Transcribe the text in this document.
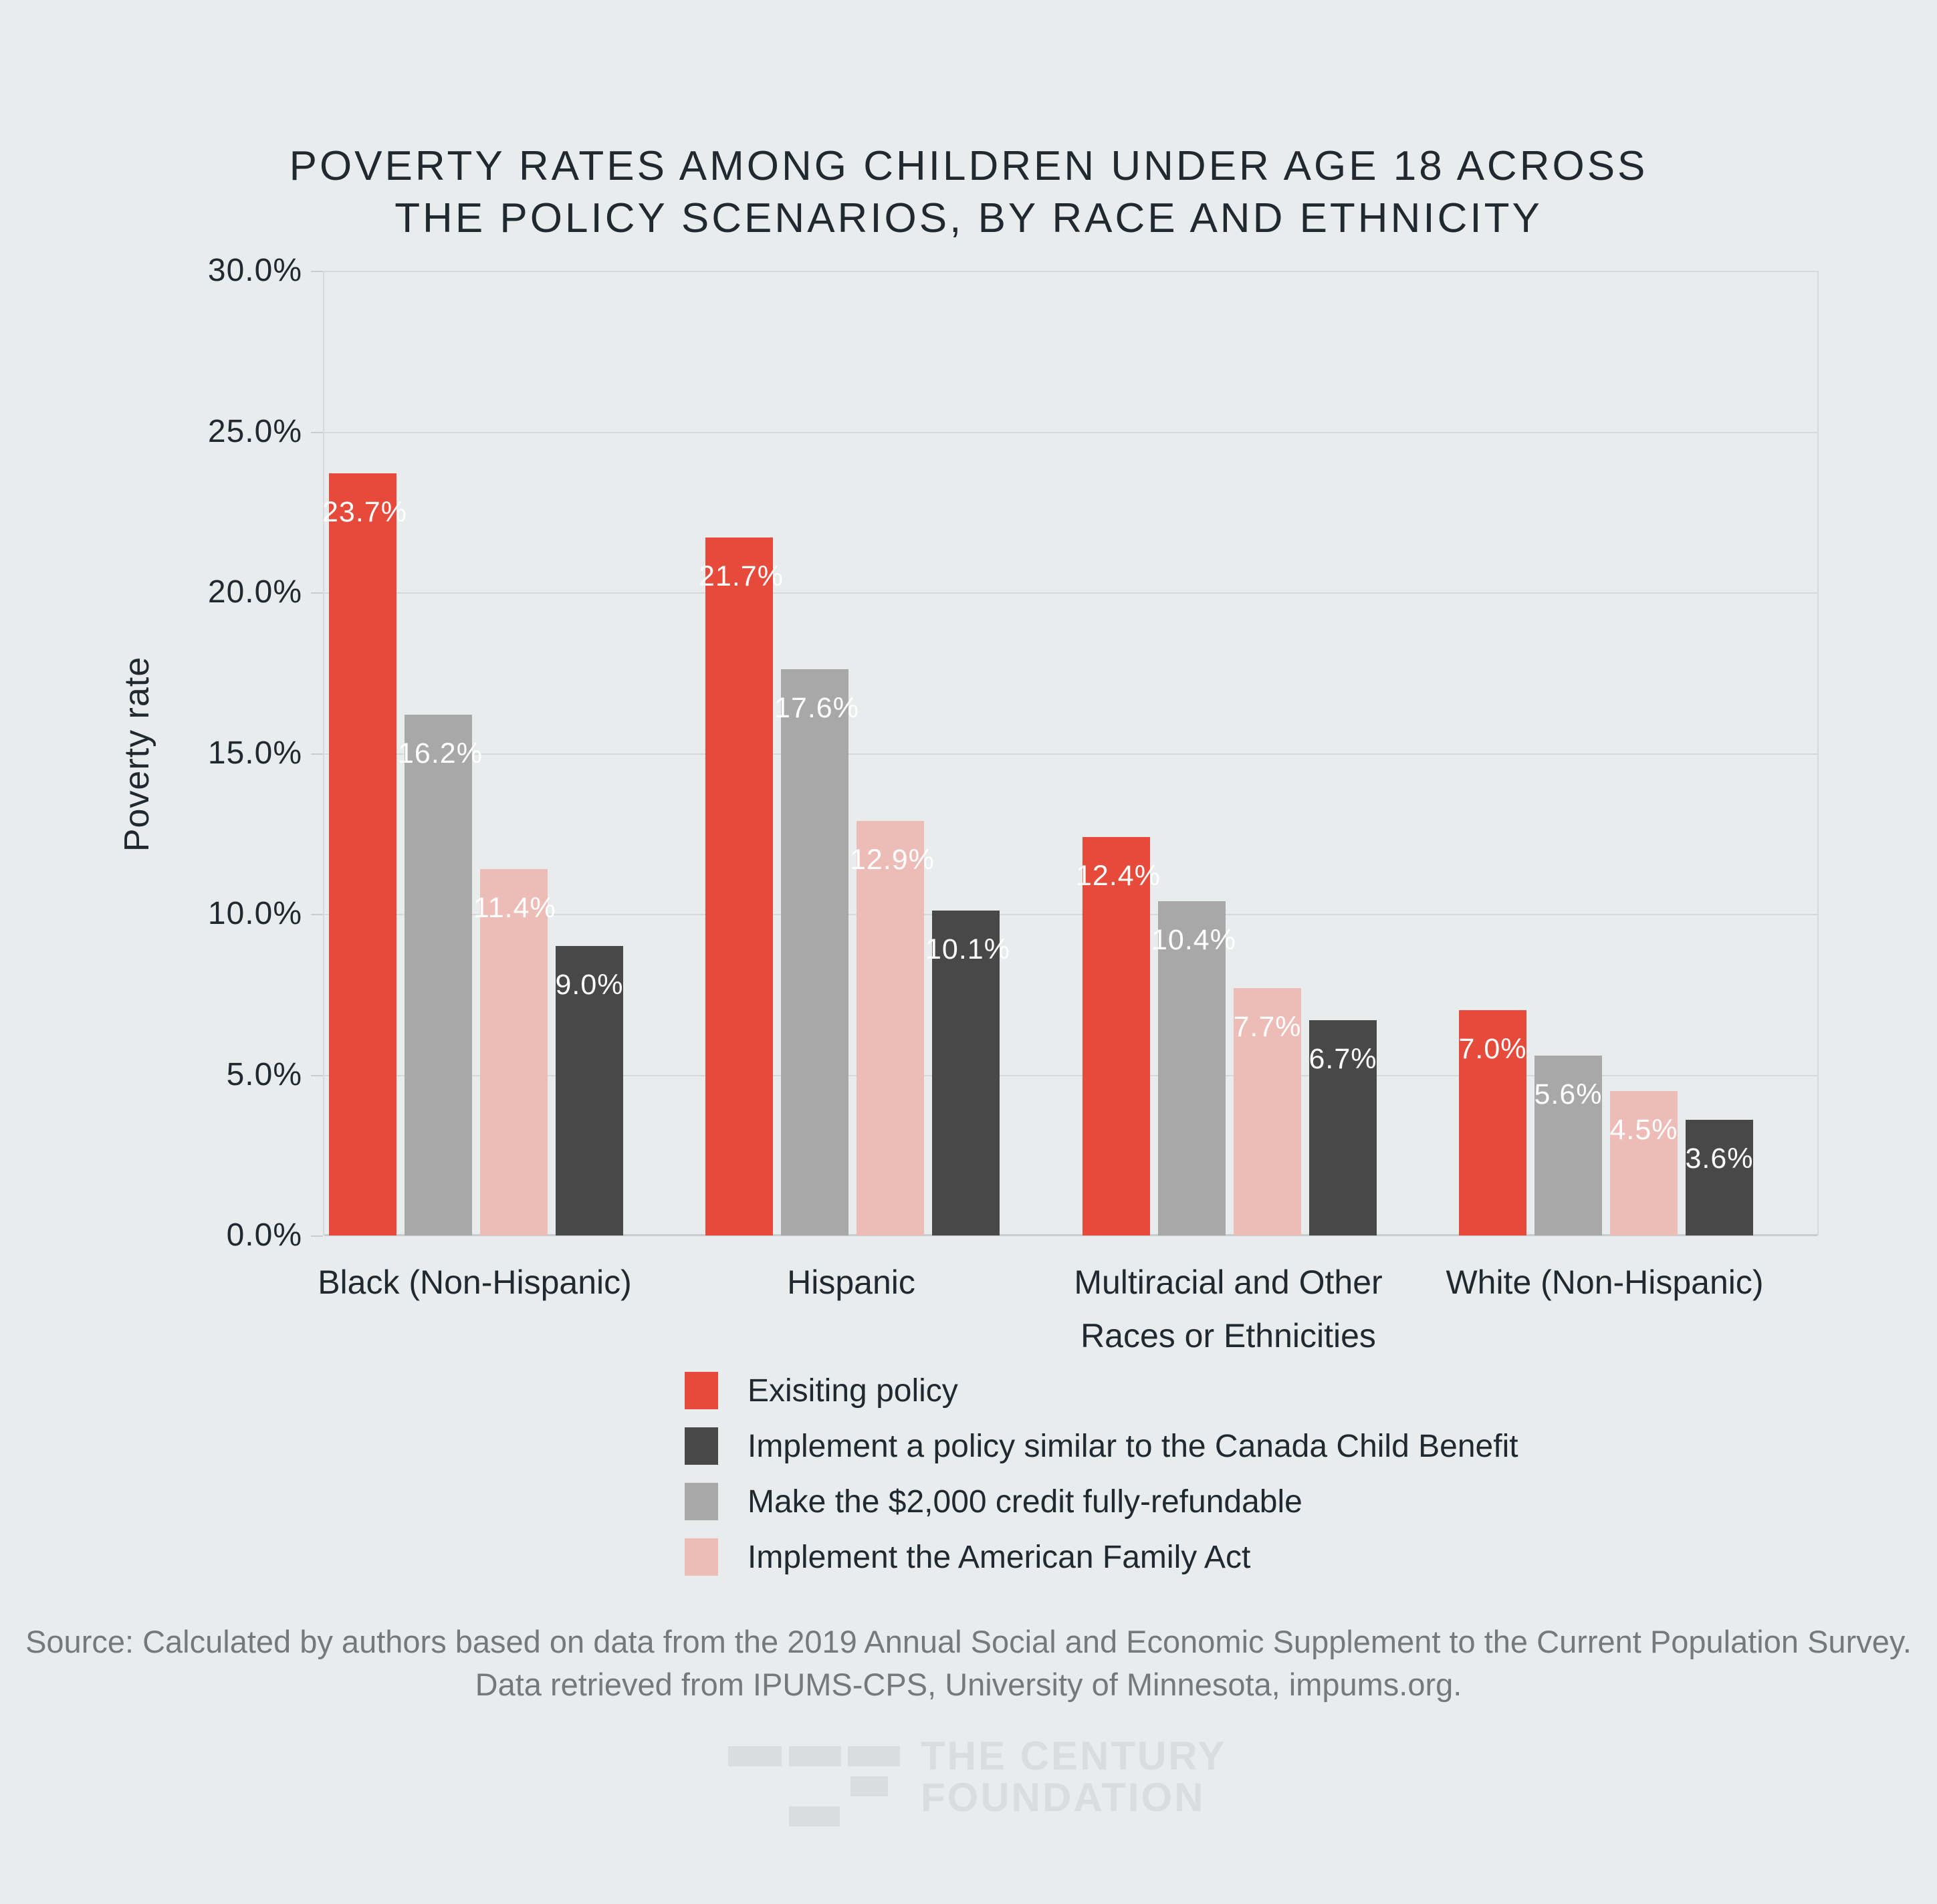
POVERTY RATES AMONG CHILDREN UNDER AGE 18 ACROSS
THE POLICY SCENARIOS, BY RACE AND ETHNICITY
Poverty rate
23.7%
16.2%
11.4%
9.0%
21.7%
17.6%
12.9%
10.1%
12.4%
10.4%
7.7%
6.7%	7.0%
5.6%
4.5%
3.6%
30.0%
25.0%
20.0%
15.0%
10.0%
5.0%
0.0%
Black (Non-Hispanic)	Hispanic	Multiracial and Other
Races or Ethnicities
White (Non-Hispanic)
Exisiting policy
Implement a policy similar to the Canada Child Benefit
Make the $2,000 credit fully-refundable
Implement the American Family Act
Source: Calculated by authors based on data from the 2019 Annual Social and Economic Supplement to the Current Population Survey.
Data retrieved from IPUMS-CPS, University of Minnesota, impums.org.
THE CENTURY
FOUNDATION
